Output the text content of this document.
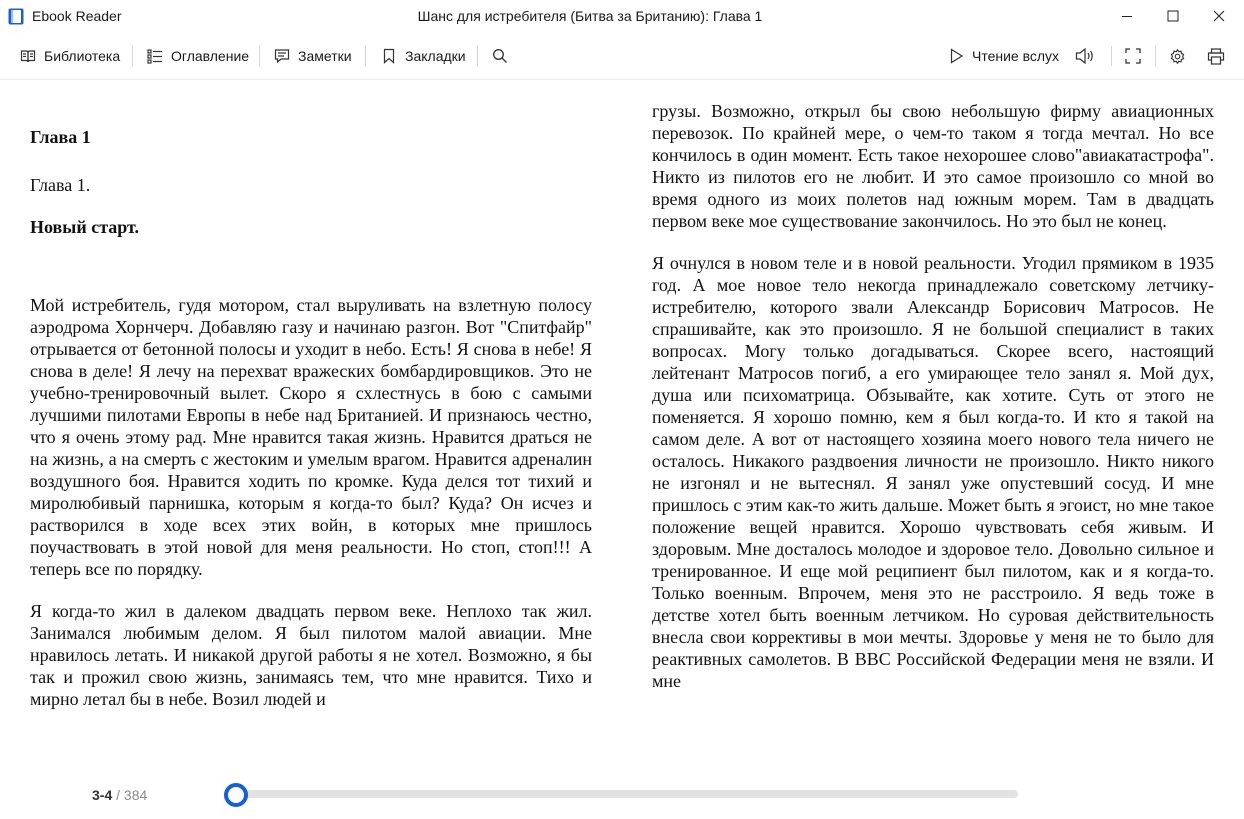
Ebook Reader	Шанс для истребителя (Битва за Британию): Глава 1
Библиотека	Оглавление	Заметки	Закладки	Чтение вслух

Глава 1

Глава 1.

Новый старт.

Мой истребитель, гудя мотором, стал выруливать на взлетную полосу аэродрома Хорнчерч. Добавляю газу и начинаю разгон. Вот "Спитфайр" отрывается от бетонной полосы и уходит в небо. Есть! Я снова в небе! Я снова в деле! Я лечу на перехват вражеских бомбардировщиков. Это не учебно-тренировочный вылет. Скоро я схлестнусь в бою с самыми лучшими пилотами Европы в небе над Британией. И признаюсь честно, что я очень этому рад. Мне нравится такая жизнь. Нравится драться не на жизнь, а на смерть с жестоким и умелым врагом. Нравится адреналин воздушного боя. Нравится ходить по кромке. Куда делся тот тихий и миролюбивый парнишка, которым я когда-то был? Куда? Он исчез и растворился в ходе всех этих войн, в которых мне пришлось поучаствовать в этой новой для меня реальности. Но стоп, стоп!!! А теперь все по порядку.

Я когда-то жил в далеком двадцать первом веке. Неплохо так жил. Занимался любимым делом. Я был пилотом малой авиации. Мне нравилось летать. И никакой другой работы я не хотел. Возможно, я бы так и прожил свою жизнь, занимаясь тем, что мне нравится. Тихо и мирно летал бы в небе. Возил людей и

грузы. Возможно, открыл бы свою небольшую фирму авиационных перевозок. По крайней мере, о чем-то таком я тогда мечтал. Но все кончилось в один момент. Есть такое нехорошее слово"авиакатастрофа". Никто из пилотов его не любит. И это самое произошло со мной во время одного из моих полетов над южным морем. Там в двадцать первом веке мое существование закончилось. Но это был не конец.

Я очнулся в новом теле и в новой реальности. Угодил прямиком в 1935 год. А мое новое тело некогда принадлежало советскому летчику-истребителю, которого звали Александр Борисович Матросов. Не спрашивайте, как это произошло. Я не большой специалист в таких вопросах. Могу только догадываться. Скорее всего, настоящий лейтенант Матросов погиб, а его умирающее тело занял я. Мой дух, душа или психоматрица. Обзывайте, как хотите. Суть от этого не поменяется. Я хорошо помню, кем я был когда-то. И кто я такой на самом деле. А вот от настоящего хозяина моего нового тела ничего не осталось. Никакого раздвоения личности не произошло. Никто никого не изгонял и не вытеснял. Я занял уже опустевший сосуд. И мне пришлось с этим как-то жить дальше. Может быть я эгоист, но мне такое положение вещей нравится. Хорошо чувствовать себя живым. И здоровым. Мне досталось молодое и здоровое тело. Довольно сильное и тренированное. И еще мой реципиент был пилотом, как и я когда-то. Только военным. Впрочем, меня это не расстроило. Я ведь тоже в детстве хотел быть военным летчиком. Но суровая действительность внесла свои коррективы в мои мечты. Здоровье у меня не то было для реактивных самолетов. В ВВС Российской Федерации меня не взяли. И мне

3-4 / 384
